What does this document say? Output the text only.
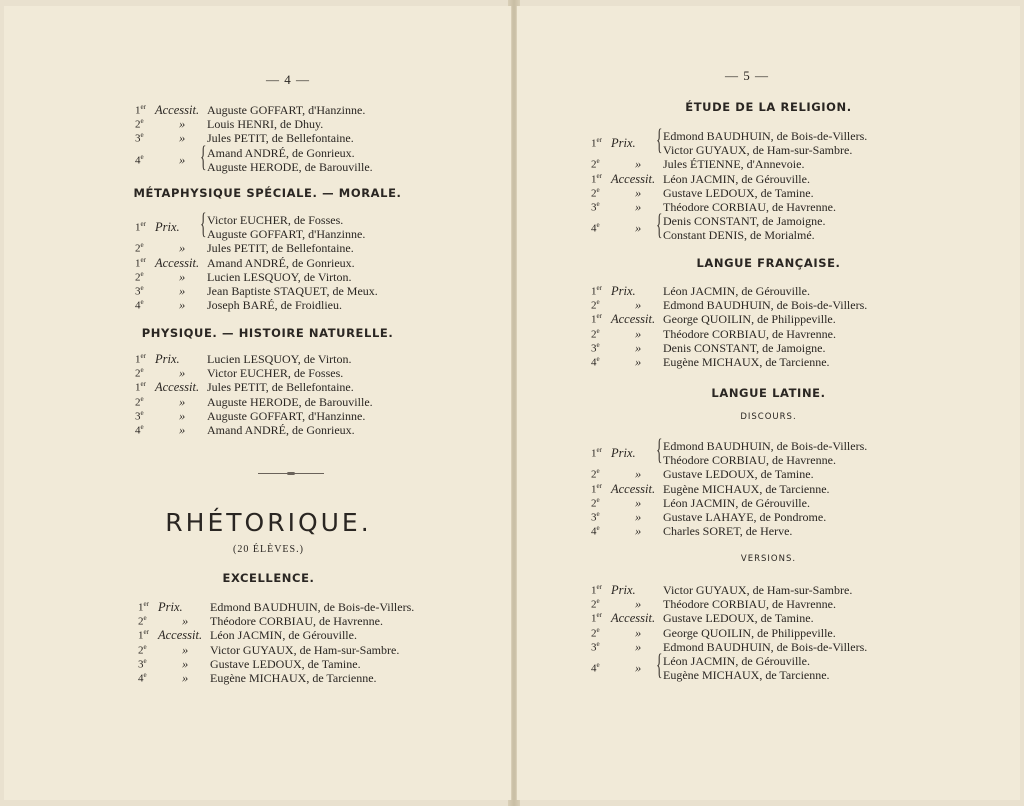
— 4 —
MÉTAPHYSIQUE SPÉCIALE. — MORALE.
PHYSIQUE. — HISTOIRE NATURELLE.
RHÉTORIQUE.
(20 ÉLÈVES.)
EXCELLENCE.
1er Accessit. Auguste GOFFART, d'Hanzinne.
2e	» Louis HENRI, de Dhuy.
3e	» Jules PETIT, de Bellefontaine.
4e	» { Amand ANDRÉ, de Gonrieux.
Auguste HERODE, de Barouville.
1er Prix. { Victor EUCHER, de Fosses.
Auguste GOFFART, d'Hanzinne.
2e	» Jules PETIT, de Bellefontaine.
1er Accessit. Amand ANDRÉ, de Gonrieux.
2e	» Lucien LESQUOY, de Virton.
3e	» Jean Baptiste STAQUET, de Meux.
4e	» Joseph BARÉ, de Froidlieu.
1er Prix. Lucien LESQUOY, de Virton.
2e	» Victor EUCHER, de Fosses.
1er Accessit. Jules PETIT, de Bellefontaine.
2e	» Auguste HERODE, de Barouville.
3e	» Auguste GOFFART, d'Hanzinne.
4e	» Amand ANDRÉ, de Gonrieux.
1er Prix. Edmond BAUDHUIN, de Bois-de-Villers.
2e	» Théodore CORBIAU, de Havrenne.
1er Accessit. Léon JACMIN, de Gérouville.
2e	» Victor GUYAUX, de Ham-sur-Sambre.
3e	» Gustave LEDOUX, de Tamine.
4e	» Eugène MICHAUX, de Tarcienne.
— 5 —
ÉTUDE DE LA RELIGION.
LANGUE FRANÇAISE.
LANGUE LATINE.
DISCOURS.
VERSIONS.
1er Prix. { Edmond BAUDHUIN, de Bois-de-Villers.
Victor GUYAUX, de Ham-sur-Sambre.
2e	» Jules ÉTIENNE, d'Annevoie.
1er Accessit. Léon JACMIN, de Gérouville.
2e	» Gustave LEDOUX, de Tamine.
3e	» Théodore CORBIAU, de Havrenne.
4e	» { Denis CONSTANT, de Jamoigne.
Constant DENIS, de Morialmé.
1er Prix. Léon JACMIN, de Gérouville.
2e	» Edmond BAUDHUIN, de Bois-de-Villers.
1er Accessit. George QUOILIN, de Philippeville.
2e	» Théodore CORBIAU, de Havrenne.
3e	» Denis CONSTANT, de Jamoigne.
4e	» Eugène MICHAUX, de Tarcienne.
1er Prix. { Edmond BAUDHUIN, de Bois-de-Villers.
Théodore CORBIAU, de Havrenne.
2e	» Gustave LEDOUX, de Tamine.
1er Accessit. Eugène MICHAUX, de Tarcienne.
2e	» Léon JACMIN, de Gérouville.
3e	» Gustave LAHAYE, de Pondrome.
4e	» Charles SORET, de Herve.
1er Prix. Victor GUYAUX, de Ham-sur-Sambre.
2e	» Théodore CORBIAU, de Havrenne.
1er Accessit. Gustave LEDOUX, de Tamine.
2e	» George QUOILIN, de Philippeville.
3e	» Edmond BAUDHUIN, de Bois-de-Villers.
4e	» { Léon JACMIN, de Gérouville.
Eugène MICHAUX, de Tarcienne.
